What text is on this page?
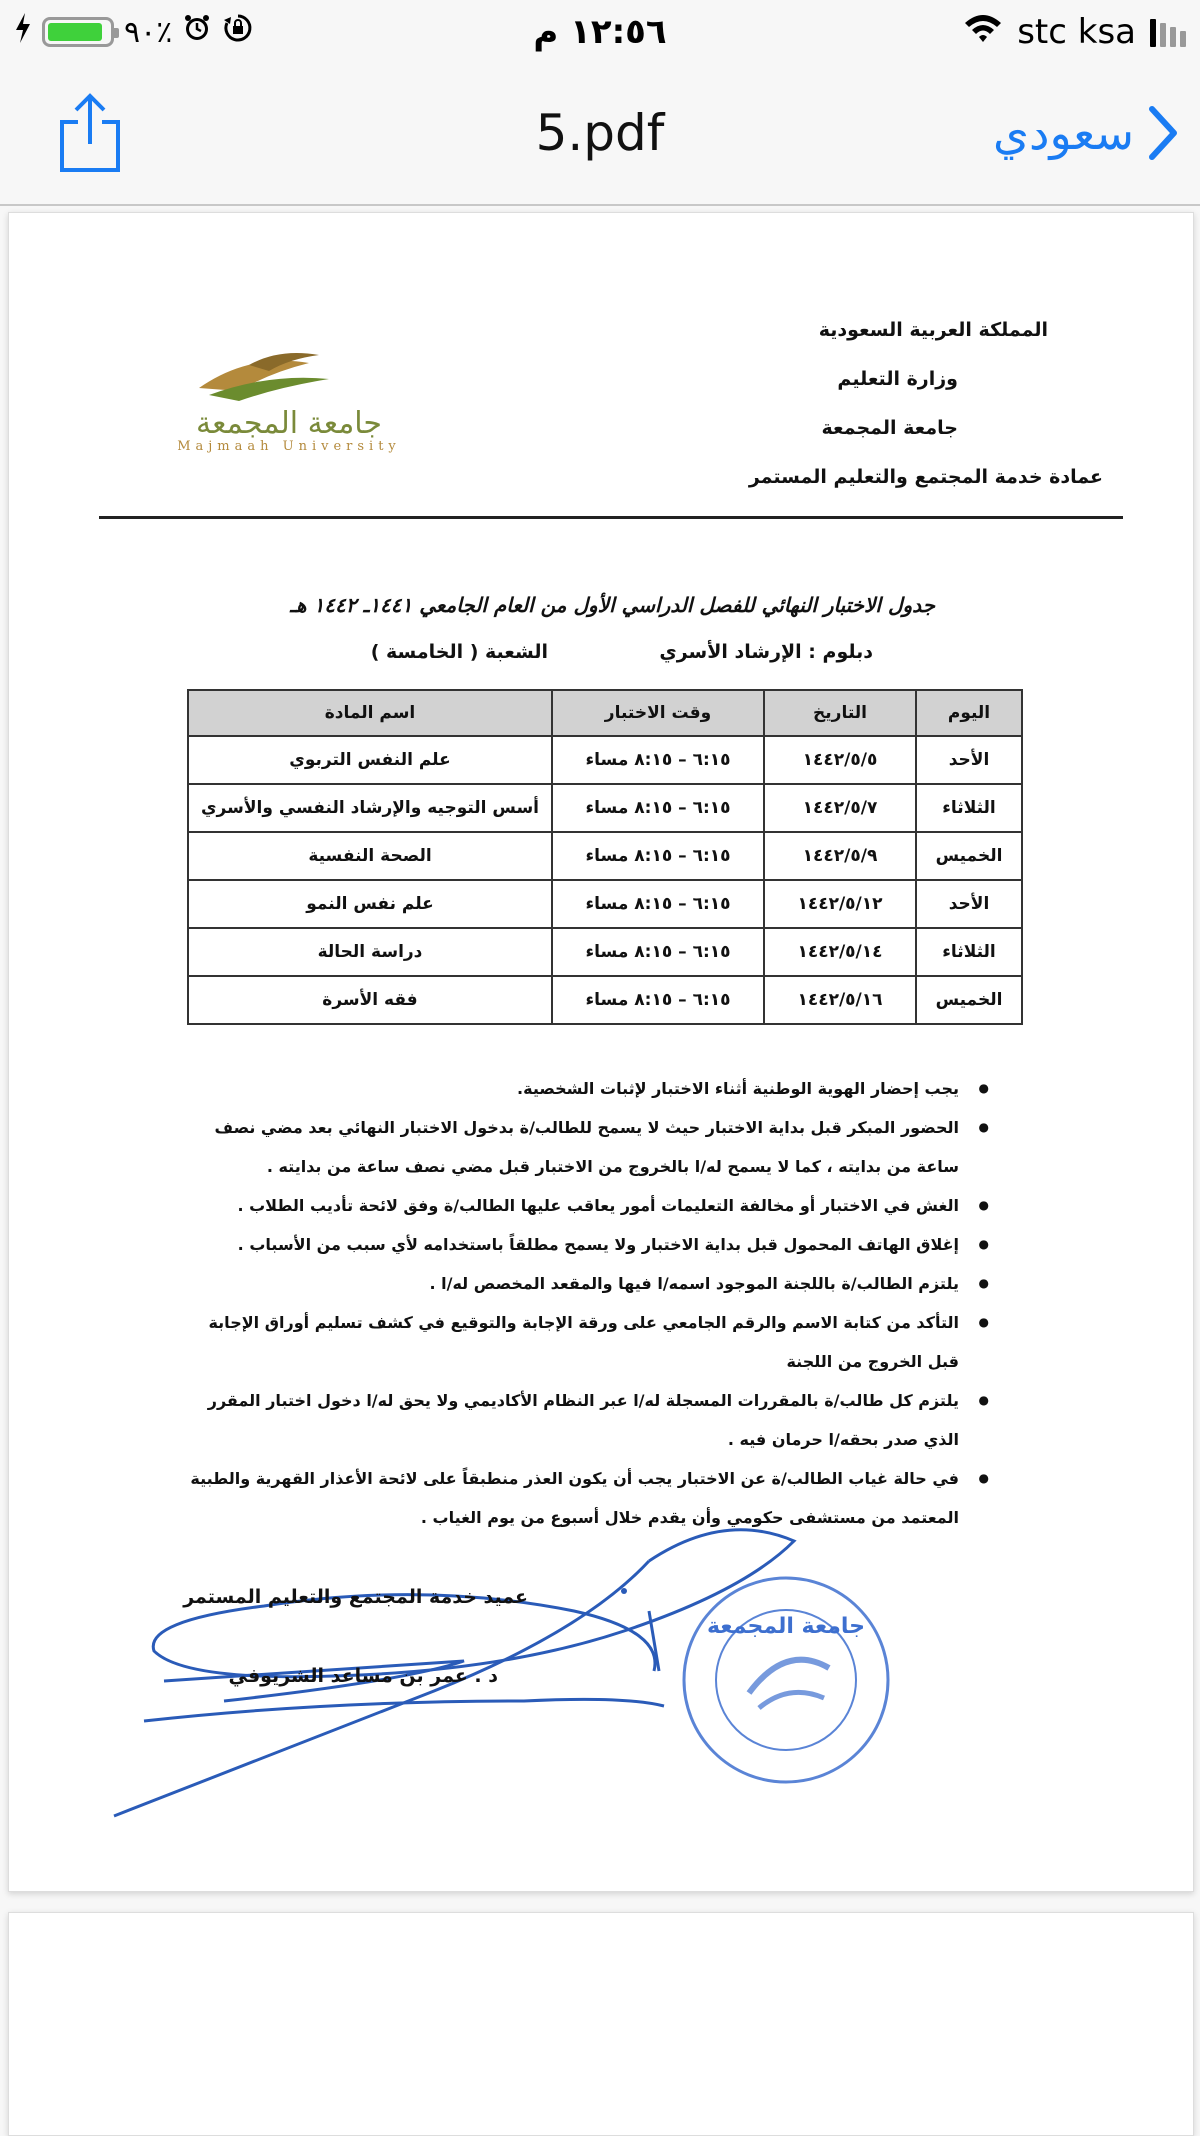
٩٠٪	١٢:٥٦ م	stc ksa
5.pdf	سعودي
المملكة العربية السعودية
وزارة التعليم
جامعة المجمعة
عمادة خدمة المجتمع والتعليم المستمر
جامعة المجمعة
Majmaah University
جدول الاختبار النهائي للفصل الدراسي الأول من العام الجامعي ١٤٤١ـ ١٤٤٢ هـ
دبلوم : الإرشاد الأسري
الشعبة ( الخامسة )
اليوم	التاريخ	وقت الاختبار	اسم المادة
الأحد	١٤٤٢/٥/٥	٦:١٥ – ٨:١٥ مساء	علم النفس التربوي
الثلاثاء	١٤٤٢/٥/٧	٦:١٥ – ٨:١٥ مساء	أسس التوجيه والإرشاد النفسي والأسري
الخميس	١٤٤٢/٥/٩	٦:١٥ – ٨:١٥ مساء	الصحة النفسية
الأحد	١٤٤٢/٥/١٢	٦:١٥ – ٨:١٥ مساء	علم نفس النمو
الثلاثاء	١٤٤٢/٥/١٤	٦:١٥ – ٨:١٥ مساء	دراسة الحالة
الخميس	١٤٤٢/٥/١٦	٦:١٥ – ٨:١٥ مساء	فقه الأسرة
● يجب إحضار الهوية الوطنية أثناء الاختبار لإثبات الشخصية.
● الحضور المبكر قبل بداية الاختبار حيث لا يسمح للطالب/ة بدخول الاختبار النهائي بعد مضي نصف ساعة من بدايته ، كما لا يسمح له/ا بالخروج من الاختبار قبل مضي نصف ساعة من بدايته .
● الغش في الاختبار أو مخالفة التعليمات أمور يعاقب عليها الطالب/ة وفق لائحة تأديب الطلاب .
● إغلاق الهاتف المحمول قبل بداية الاختبار ولا يسمح مطلقاً باستخدامه لأي سبب من الأسباب .
● يلتزم الطالب/ة باللجنة الموجود اسمه/ا فيها والمقعد المخصص له/ا .
● التأكد من كتابة الاسم والرقم الجامعي على ورقة الإجابة والتوقيع في كشف تسليم أوراق الإجابة قبل الخروج من اللجنة
● يلتزم كل طالب/ة بالمقررات المسجلة له/ا عبر النظام الأكاديمي ولا يحق له/ا دخول اختبار المقرر الذي صدر بحقه/ا حرمان فيه .
● في حالة غياب الطالب/ة عن الاختبار يجب أن يكون العذر منطبقاً على لائحة الأعذار القهرية والطبية المعتمد من مستشفى حكومي وأن يقدم خلال أسبوع من يوم الغياب .
عميد خدمة المجتمع والتعليم المستمر
د . عمر بن مساعد الشريوفي
جامعة المجمعة
